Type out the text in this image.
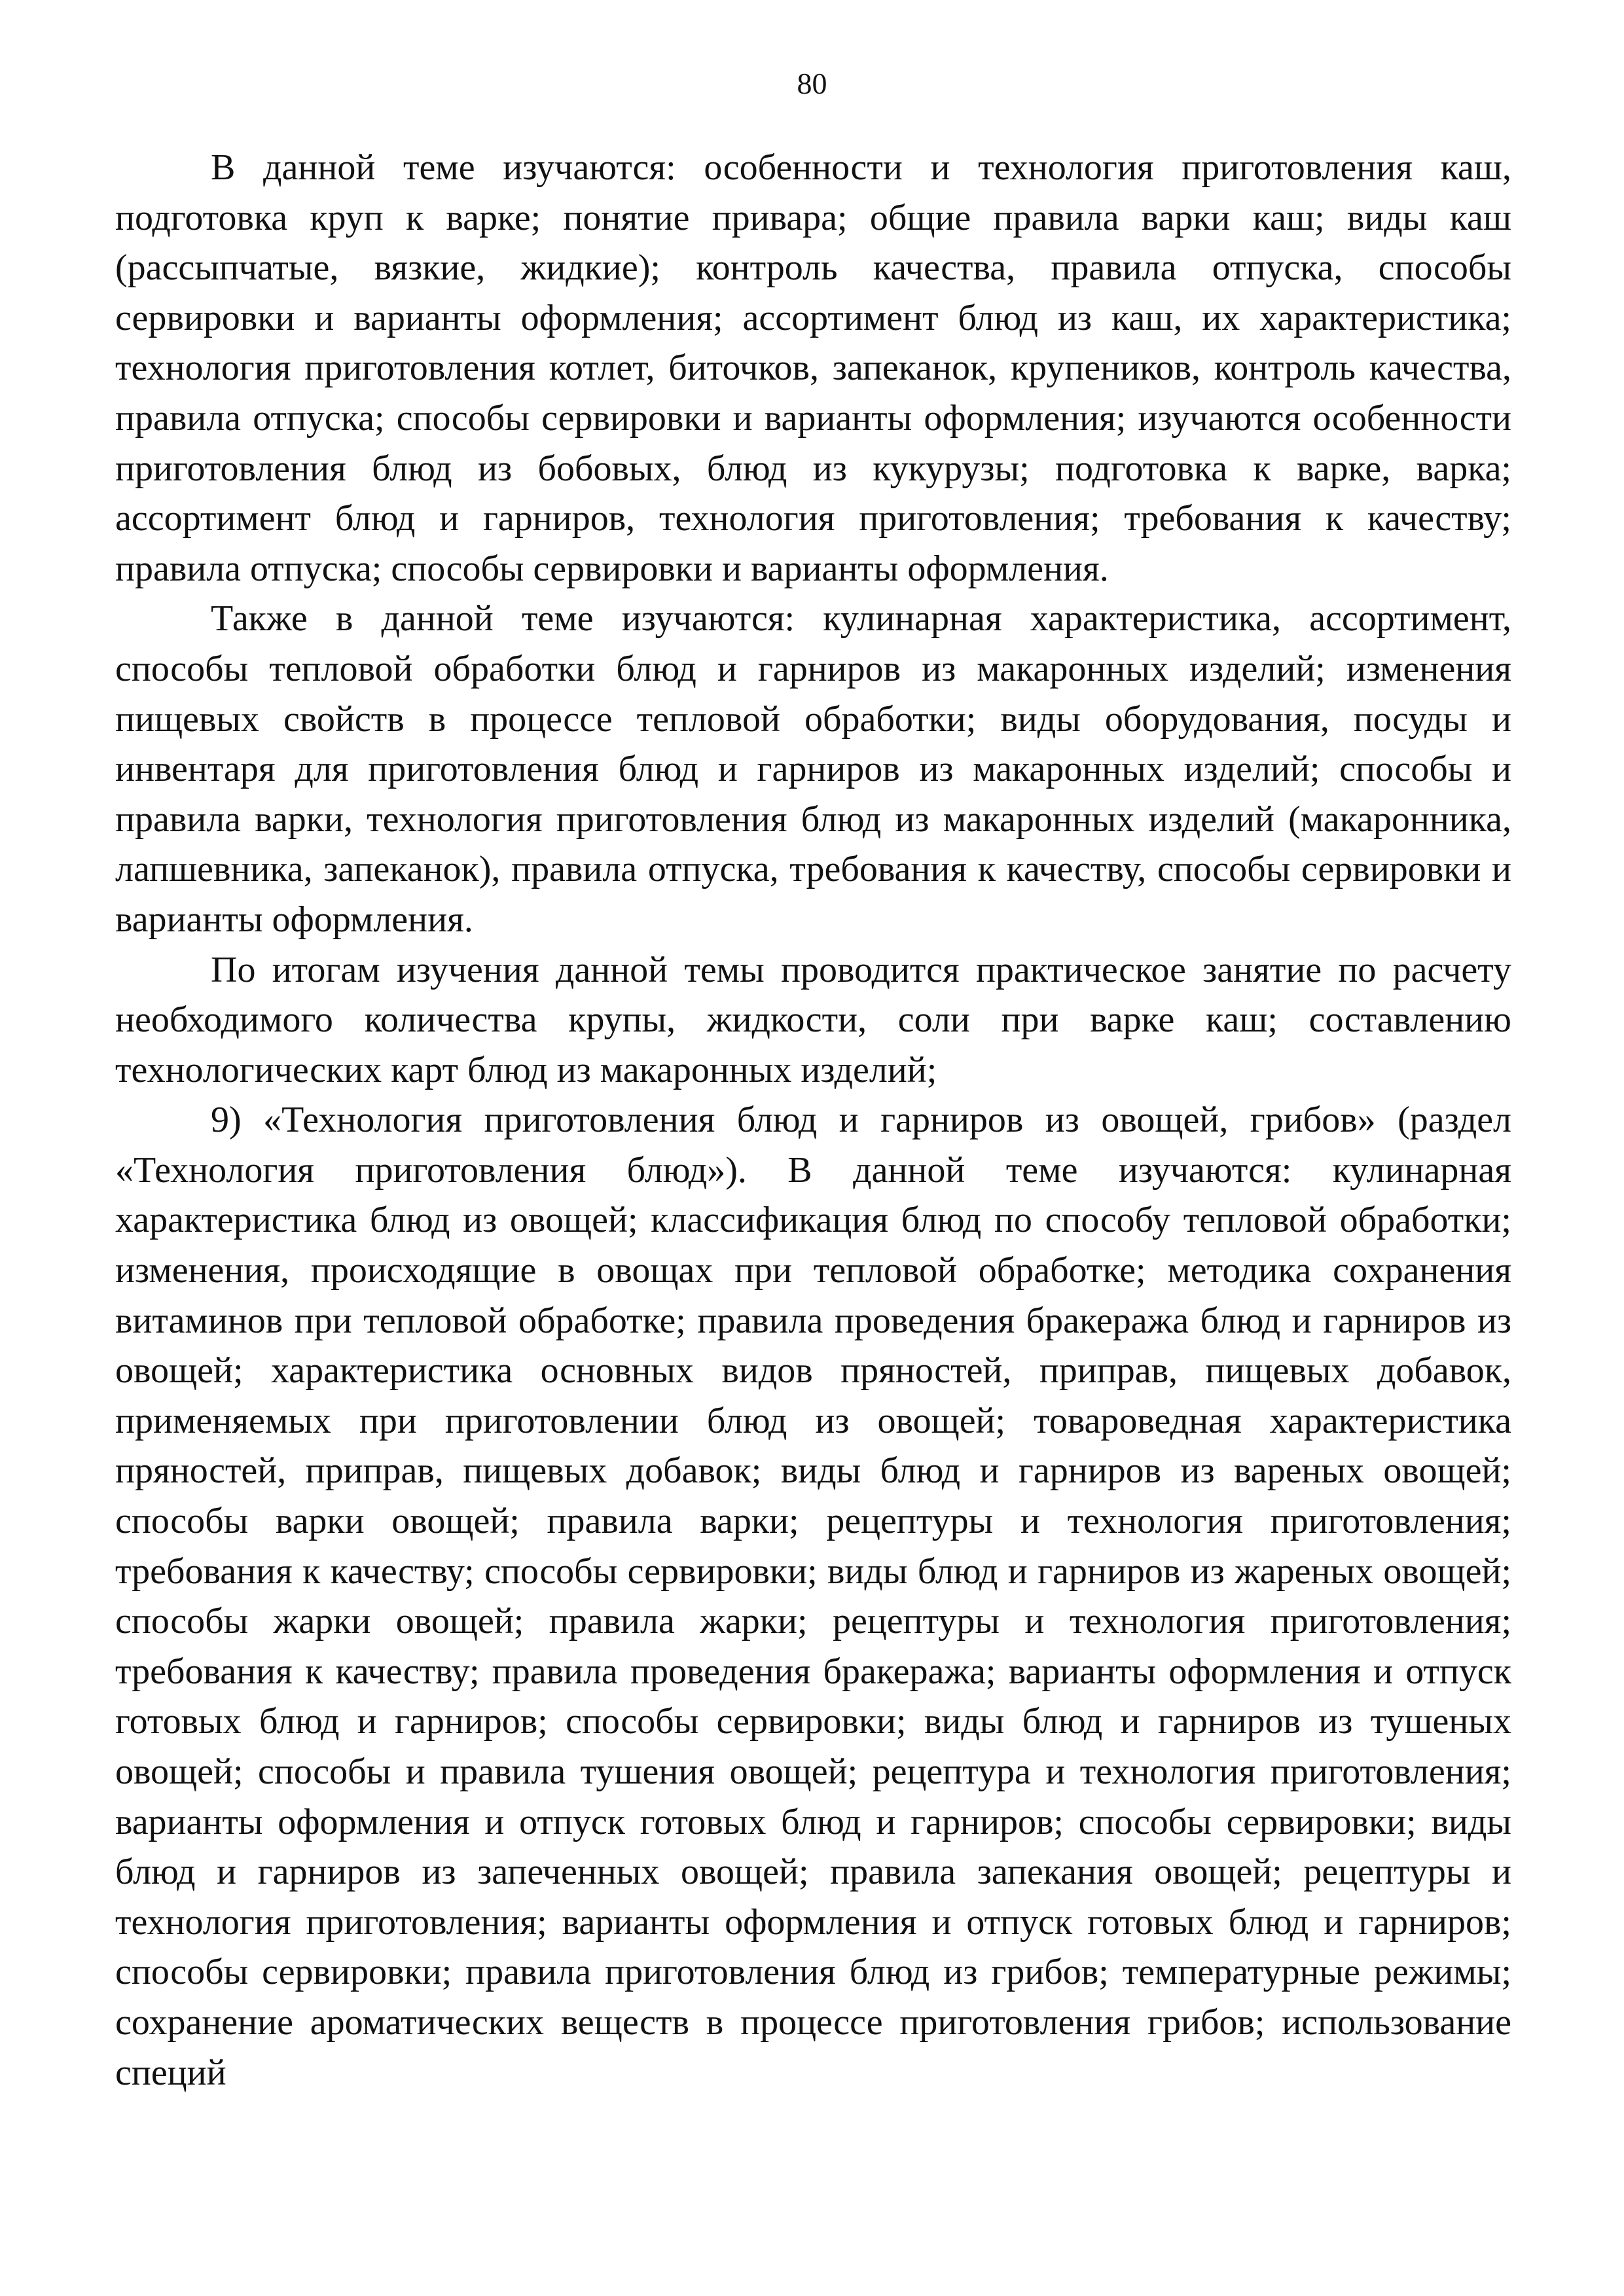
80

В данной теме изучаются: особенности и технология приготовления каш, подготовка круп к варке; понятие привара; общие правила варки каш; виды каш (рассыпчатые, вязкие, жидкие); контроль качества, правила отпуска, способы сервировки и варианты оформления; ассортимент блюд из каш, их характеристика; технология приготовления котлет, биточков, запеканок, крупеников, контроль качества, правила отпуска; способы сервировки и варианты оформления; изучаются особенности приготовления блюд из бобовых, блюд из кукурузы; подготовка к варке, варка; ассортимент блюд и гарниров, технология приготовления; требования к качеству; правила отпуска; способы сервировки и варианты оформления.

Также в данной теме изучаются: кулинарная характеристика, ассортимент, способы тепловой обработки блюд и гарниров из макаронных изделий; изменения пищевых свойств в процессе тепловой обработки; виды оборудования, посуды и инвентаря для приготовления блюд и гарниров из макаронных изделий; способы и правила варки, технология приготовления блюд из макаронных изделий (макаронника, лапшевника, запеканок), правила отпуска, требования к качеству, способы сервировки и варианты оформления.

По итогам изучения данной темы проводится практическое занятие по расчету необходимого количества крупы, жидкости, соли при варке каш; составлению технологических карт блюд из макаронных изделий;

9) «Технология приготовления блюд и гарниров из овощей, грибов» (раздел «Технология приготовления блюд»). В данной теме изучаются: кулинарная характеристика блюд из овощей; классификация блюд по способу тепловой обработки; изменения, происходящие в овощах при тепловой обработке; методика сохранения витаминов при тепловой обработке; правила проведения бракеража блюд и гарниров из овощей; характеристика основных видов пряностей, приправ, пищевых добавок, применяемых при приготовлении блюд из овощей; товароведная характеристика пряностей, приправ, пищевых добавок; виды блюд и гарниров из вареных овощей; способы варки овощей; правила варки; рецептуры и технология приготовления; требования к качеству; способы сервировки; виды блюд и гарниров из жареных овощей; способы жарки овощей; правила жарки; рецептуры и технология приготовления; требования к качеству; правила проведения бракеража; варианты оформления и отпуск готовых блюд и гарниров; способы сервировки; виды блюд и гарниров из тушеных овощей; способы и правила тушения овощей; рецептура и технология приготовления; варианты оформления и отпуск готовых блюд и гарниров; способы сервировки; виды блюд и гарниров из запеченных овощей; правила запекания овощей; рецептуры и технология приготовления; варианты оформления и отпуск готовых блюд и гарниров; способы сервировки; правила приготовления блюд из грибов; температурные режимы; сохранение ароматических веществ в процессе приготовления грибов; использование специй
